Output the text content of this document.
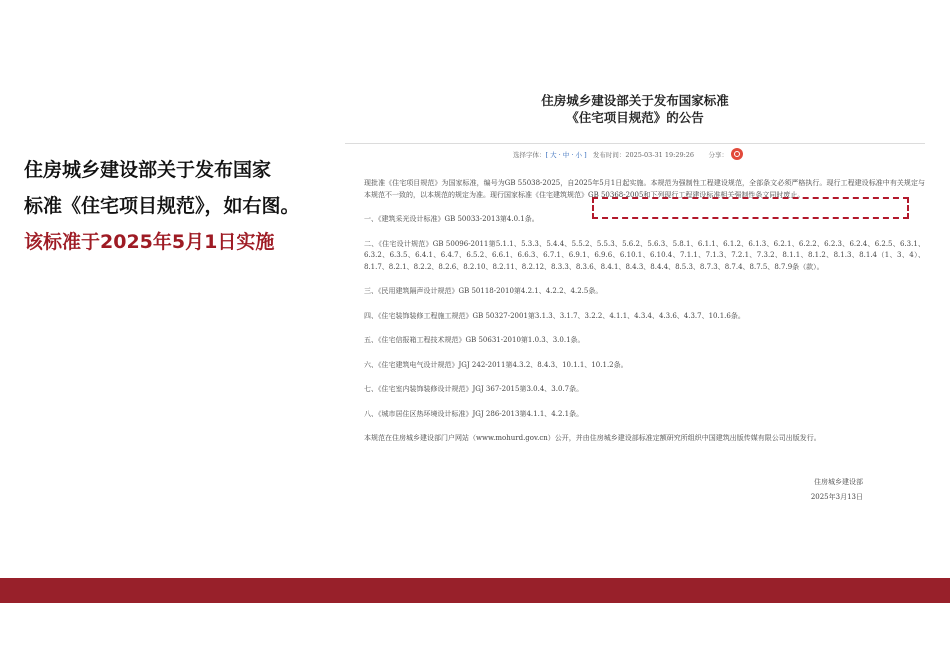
住房城乡建设部关于发布国家
标准《住宅项目规范》，如右图。
该标准于2025年5月1日实施
住房城乡建设部关于发布国家标准
《住宅项目规范》的公告
选择字体：[ 大 · 中 · 小 ] 发布时间：2025-03-31 19:29:26 分享：
现批准《住宅项目规范》为国家标准，编号为GB 55038-2025，自2025年5月1日起实施。本规范为强制性工程建设规范，全部条文必须严格执行。现行工程建设标准中有关规定与本规范不一致的，以本规范的规定为准。现行国家标准《住宅建筑规范》GB 50368-2005和下列现行工程建设标准相关强制性条文同时废止。
一、《建筑采光设计标准》GB 50033-2013第4.0.1条。
二、《住宅设计规范》GB 50096-2011第5.1.1、5.3.3、5.4.4、5.5.2、5.5.3、5.6.2、5.6.3、5.8.1、6.1.1、6.1.2、6.1.3、6.2.1、6.2.2、6.2.3、6.2.4、6.2.5、6.3.1、6.3.2、6.3.5、6.4.1、6.4.7、6.5.2、6.6.1、6.6.3、6.7.1、6.9.1、6.9.6、6.10.1、6.10.4、7.1.1、7.1.3、7.2.1、7.3.2、8.1.1、8.1.2、8.1.3、8.1.4（1、3、4）、8.1.7、8.2.1、8.2.2、8.2.6、8.2.10、8.2.11、8.2.12、8.3.3、8.3.6、8.4.1、8.4.3、8.4.4、8.5.3、8.7.3、8.7.4、8.7.5、8.7.9条（款）。
三、《民用建筑隔声设计规范》GB 50118-2010第4.2.1、4.2.2、4.2.5条。
四、《住宅装饰装修工程施工规范》GB 50327-2001第3.1.3、3.1.7、3.2.2、4.1.1、4.3.4、4.3.6、4.3.7、10.1.6条。
五、《住宅信报箱工程技术规范》GB 50631-2010第1.0.3、3.0.1条。
六、《住宅建筑电气设计规范》JGJ 242-2011第4.3.2、8.4.3、10.1.1、10.1.2条。
七、《住宅室内装饰装修设计规范》JGJ 367-2015第3.0.4、3.0.7条。
八、《城市居住区热环境设计标准》JGJ 286-2013第4.1.1、4.2.1条。
本规范在住房城乡建设部门户网站（www.mohurd.gov.cn）公开，并由住房城乡建设部标准定额研究所组织中国建筑出版传媒有限公司出版发行。
住房城乡建设部
2025年3月13日
